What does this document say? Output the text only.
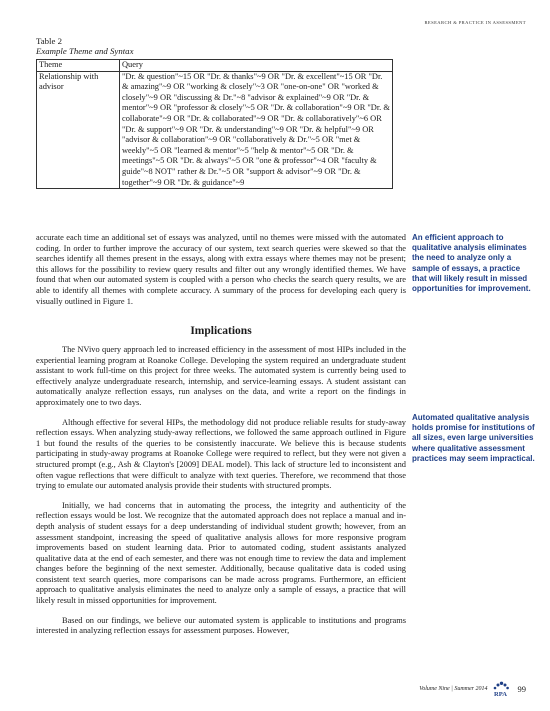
RESEARCH & PRACTICE IN ASSESSMENT
Table 2
Example Theme and Syntax
Theme	Query
Relationship with advisor	"Dr. & question"~15 OR "Dr. & thanks"~9 OR "Dr. & excellent"~15 OR "Dr. & amazing"~9 OR "working & closely"~3 OR "one-on-one" OR "worked & closely"~9 OR "discussing & Dr."~8 "advisor & explained"~9 OR "Dr. & mentor"~9 OR "professor & closely"~5 OR "Dr. & collaboration"~9 OR "Dr. & collaborate"~9 OR "Dr. & collaborated"~9 OR "Dr. & collaboratively"~6 OR "Dr. & support"~9 OR "Dr. & understanding"~9 OR "Dr. & helpful"~9 OR "advisor & collaboration"~9 OR "collaboratively & Dr."~5 OR "met & weekly"~5 OR "learned & mentor"~5 "help & mentor"~5 OR "Dr. & meetings"~5 OR "Dr. & always"~5 OR "one & professor"~4 OR "faculty & guide"~8 NOT" rather & Dr."~5 OR "support & advisor"~9 OR "Dr. & together"~9 OR "Dr. & guidance"~9

accurate each time an additional set of essays was analyzed, until no themes were missed with the automated coding. In order to further improve the accuracy of our system, text search queries were skewed so that the searches identify all themes present in the essays, along with extra essays where themes may not be present; this allows for the possibility to review query results and filter out any wrongly identified themes. We have found that when our automated system is coupled with a person who checks the search query results, we are able to identify all themes with complete accuracy. A summary of the process for developing each query is visually outlined in Figure 1.

Implications

The NVivo query approach led to increased efficiency in the assessment of most HIPs included in the experiential learning program at Roanoke College. Developing the system required an undergraduate student assistant to work full-time on this project for three weeks. The automated system is currently being used to effectively analyze undergraduate research, internship, and service-learning essays. A student assistant can automatically analyze reflection essays, run analyses on the data, and write a report on the findings in approximately one to two days.

Although effective for several HIPs, the methodology did not produce reliable results for study-away reflection essays. When analyzing study-away reflections, we followed the same approach outlined in Figure 1 but found the results of the queries to be consistently inaccurate. We believe this is because students participating in study-away programs at Roanoke College were required to reflect, but they were not given a structured prompt (e.g., Ash & Clayton's [2009] DEAL model). This lack of structure led to inconsistent and often vague reflections that were difficult to analyze with text queries. Therefore, we recommend that those trying to emulate our automated analysis provide their students with structured prompts.

Initially, we had concerns that in automating the process, the integrity and authenticity of the reflection essays would be lost. We recognize that the automated approach does not replace a manual and in-depth analysis of student essays for a deep understanding of individual student growth; however, from an assessment standpoint, increasing the speed of qualitative analysis allows for more responsive program improvements based on student learning data. Prior to automated coding, student assistants analyzed qualitative data at the end of each semester, and there was not enough time to review the data and implement changes before the beginning of the next semester. Additionally, because qualitative data is coded using consistent text search queries, more comparisons can be made across programs. Furthermore, an efficient approach to qualitative analysis eliminates the need to analyze only a sample of essays, a practice that will likely result in missed opportunities for improvement.

Based on our findings, we believe our automated system is applicable to institutions and programs interested in analyzing reflection essays for assessment purposes. However,

An efficient approach to qualitative analysis eliminates the need to analyze only a sample of essays, a practice that will likely result in missed opportunities for improvement.
Automated qualitative analysis holds promise for institutions of all sizes, even large universities where qualitative assessment practices may seem impractical.
Volume Nine | Summer 2014
RPA 99
